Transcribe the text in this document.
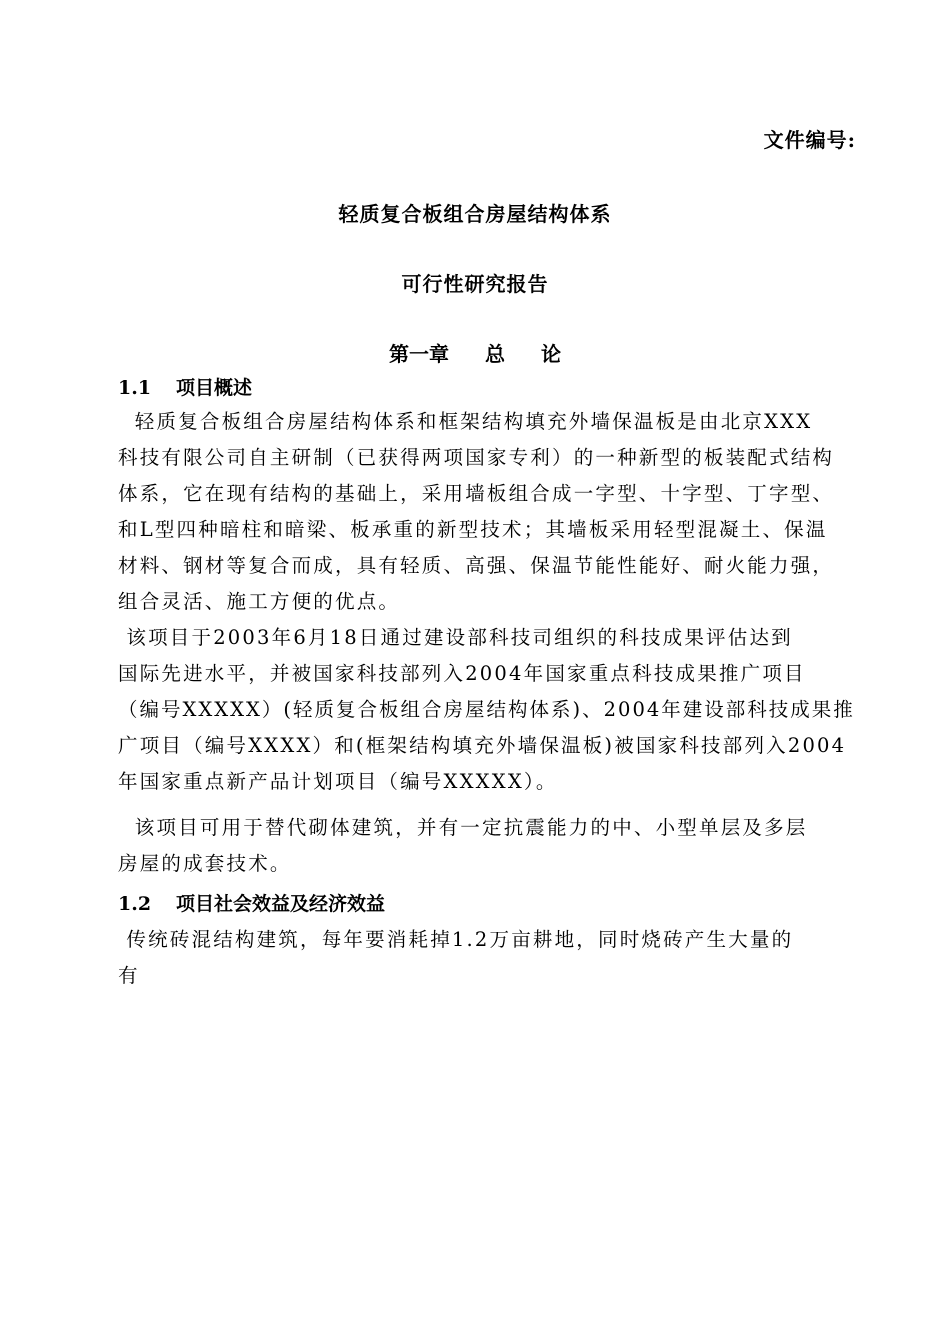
文件编号:
轻质复合板组合房屋结构体系
可行性研究报告
第一章 总 论
1.1 项目概述
轻质复合板组合房屋结构体系和框架结构填充外墙保温板是由北京XXX
科技有限公司自主研制（已获得两项国家专利）的一种新型的板装配式结构
体系，它在现有结构的基础上，采用墙板组合成一字型、十字型、丁字型、
和L型四种暗柱和暗梁、板承重的新型技术；其墙板采用轻型混凝土、保温
材料、钢材等复合而成，具有轻质、高强、保温节能性能好、耐火能力强，
组合灵活、施工方便的优点。
该项目于2003年6月18日通过建设部科技司组织的科技成果评估达到
国际先进水平，并被国家科技部列入2004年国家重点科技成果推广项目
（编号XXXXX）(轻质复合板组合房屋结构体系)、2004年建设部科技成果推
广项目（编号XXXX）和(框架结构填充外墙保温板)被国家科技部列入2004
年国家重点新产品计划项目（编号XXXXX）。
该项目可用于替代砌体建筑，并有一定抗震能力的中、小型单层及多层
房屋的成套技术。
1.2 项目社会效益及经济效益
传统砖混结构建筑，每年要消耗掉1.2万亩耕地，同时烧砖产生大量的
有
